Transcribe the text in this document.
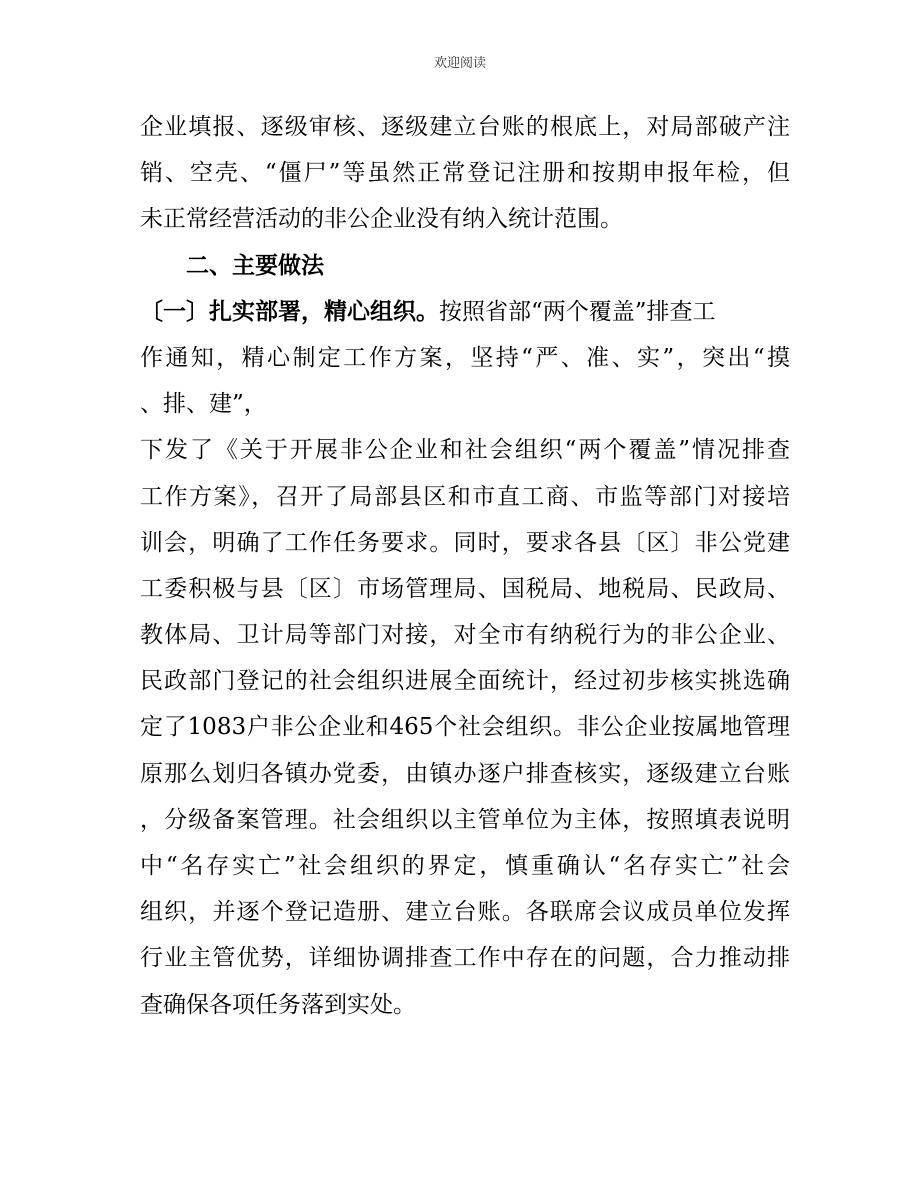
欢迎阅读
企业填报、逐级审核、逐级建立台账的根底上，对局部破产注
销、空壳、“僵尸”等虽然正常登记注册和按期申报年检，但
未正常经营活动的非公企业没有纳入统计范围。
二、主要做法
〔一〕扎实部署，精心组织。按照省部“两个覆盖”排查工
作通知，精心制定工作方案，坚持“严、准、实”，突出“摸
、排、建”，
下发了《关于开展非公企业和社会组织“两个覆盖”情况排查
工作方案》，召开了局部县区和市直工商、市监等部门对接培
训会，明确了工作任务要求。同时，要求各县〔区〕非公党建
工委积极与县〔区〕市场管理局、国税局、地税局、民政局、
教体局、卫计局等部门对接，对全市有纳税行为的非公企业、
民政部门登记的社会组织进展全面统计，经过初步核实挑选确
定了1083户非公企业和465个社会组织。非公企业按属地管理
原那么划归各镇办党委，由镇办逐户排查核实，逐级建立台账
，分级备案管理。社会组织以主管单位为主体，按照填表说明
中“名存实亡”社会组织的界定，慎重确认“名存实亡”社会
组织，并逐个登记造册、建立台账。各联席会议成员单位发挥
行业主管优势，详细协调排查工作中存在的问题，合力推动排
查确保各项任务落到实处。
